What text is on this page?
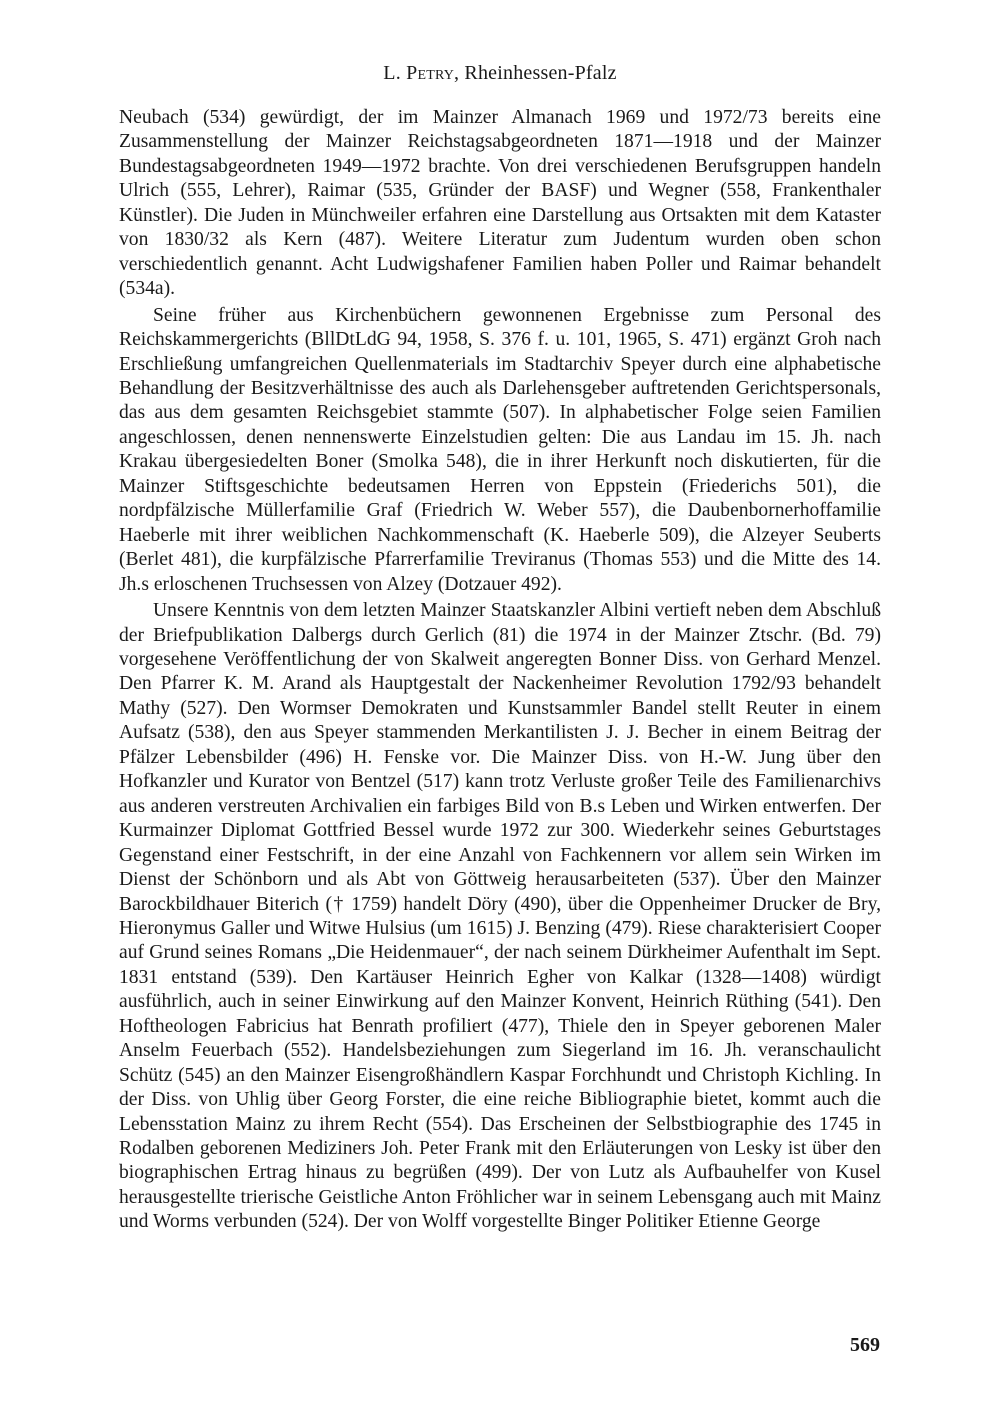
L. Petry, Rheinhessen-Pfalz

Neubach (534) gewürdigt, der im Mainzer Almanach 1969 und 1972/73 bereits eine Zusammenstellung der Mainzer Reichstagsabgeordneten 1871—1918 und der Mainzer Bundestagsabgeordneten 1949—1972 brachte. Von drei verschiedenen Berufsgruppen handeln Ulrich (555, Lehrer), Raimar (535, Gründer der BASF) und Wegner (558, Frankenthaler Künstler). Die Juden in Münchweiler erfahren eine Darstellung aus Ortsakten mit dem Kataster von 1830/32 als Kern (487). Weitere Literatur zum Judentum wurden oben schon verschiedentlich genannt. Acht Ludwigshafener Familien haben Poller und Raimar behandelt (534a).

Seine früher aus Kirchenbüchern gewonnenen Ergebnisse zum Personal des Reichskammergerichts (BllDtLdG 94, 1958, S. 376 f. u. 101, 1965, S. 471) ergänzt Groh nach Erschließung umfangreichen Quellenmaterials im Stadtarchiv Speyer durch eine alphabetische Behandlung der Besitzverhältnisse des auch als Darlehensgeber auftretenden Gerichtspersonals, das aus dem gesamten Reichsgebiet stammte (507). In alphabetischer Folge seien Familien angeschlossen, denen nennenswerte Einzelstudien gelten: Die aus Landau im 15. Jh. nach Krakau übergesiedelten Boner (Smolka 548), die in ihrer Herkunft noch diskutierten, für die Mainzer Stiftsgeschichte bedeutsamen Herren von Eppstein (Friederichs 501), die nordpfälzische Müllerfamilie Graf (Friedrich W. Weber 557), die Daubenbornerhoffamilie Haeberle mit ihrer weiblichen Nachkommenschaft (K. Haeberle 509), die Alzeyer Seuberts (Berlet 481), die kurpfälzische Pfarrerfamilie Treviranus (Thomas 553) und die Mitte des 14. Jh.s erloschenen Truchsessen von Alzey (Dotzauer 492).

Unsere Kenntnis von dem letzten Mainzer Staatskanzler Albini vertieft neben dem Abschluß der Briefpublikation Dalbergs durch Gerlich (81) die 1974 in der Mainzer Ztschr. (Bd. 79) vorgesehene Veröffentlichung der von Skalweit angeregten Bonner Diss. von Gerhard Menzel. Den Pfarrer K. M. Arand als Hauptgestalt der Nackenheimer Revolution 1792/93 behandelt Mathy (527). Den Wormser Demokraten und Kunstsammler Bandel stellt Reuter in einem Aufsatz (538), den aus Speyer stammenden Merkantilisten J. J. Becher in einem Beitrag der Pfälzer Lebensbilder (496) H. Fenske vor. Die Mainzer Diss. von H.-W. Jung über den Hofkanzler und Kurator von Bentzel (517) kann trotz Verluste großer Teile des Familienarchivs aus anderen verstreuten Archivalien ein farbiges Bild von B.s Leben und Wirken entwerfen. Der Kurmainzer Diplomat Gottfried Bessel wurde 1972 zur 300. Wiederkehr seines Geburtstages Gegenstand einer Festschrift, in der eine Anzahl von Fachkennern vor allem sein Wirken im Dienst der Schönborn und als Abt von Göttweig herausarbeiteten (537). Über den Mainzer Barockbildhauer Biterich († 1759) handelt Döry (490), über die Oppenheimer Drucker de Bry, Hieronymus Galler und Witwe Hulsius (um 1615) J. Benzing (479). Riese charakterisiert Cooper auf Grund seines Romans „Die Heidenmauer“, der nach seinem Dürkheimer Aufenthalt im Sept. 1831 entstand (539). Den Kartäuser Heinrich Egher von Kalkar (1328—1408) würdigt ausführlich, auch in seiner Einwirkung auf den Mainzer Konvent, Heinrich Rüthing (541). Den Hoftheologen Fabricius hat Benrath profiliert (477), Thiele den in Speyer geborenen Maler Anselm Feuerbach (552). Handelsbeziehungen zum Siegerland im 16. Jh. veranschaulicht Schütz (545) an den Mainzer Eisengroßhändlern Kaspar Forchhundt und Christoph Kichling. In der Diss. von Uhlig über Georg Forster, die eine reiche Bibliographie bietet, kommt auch die Lebensstation Mainz zu ihrem Recht (554). Das Erscheinen der Selbstbiographie des 1745 in Rodalben geborenen Mediziners Joh. Peter Frank mit den Erläuterungen von Lesky ist über den biographischen Ertrag hinaus zu begrüßen (499). Der von Lutz als Aufbauhelfer von Kusel herausgestellte trierische Geistliche Anton Fröhlicher war in seinem Lebensgang auch mit Mainz und Worms verbunden (524). Der von Wolff vorgestellte Binger Politiker Etienne George

569
